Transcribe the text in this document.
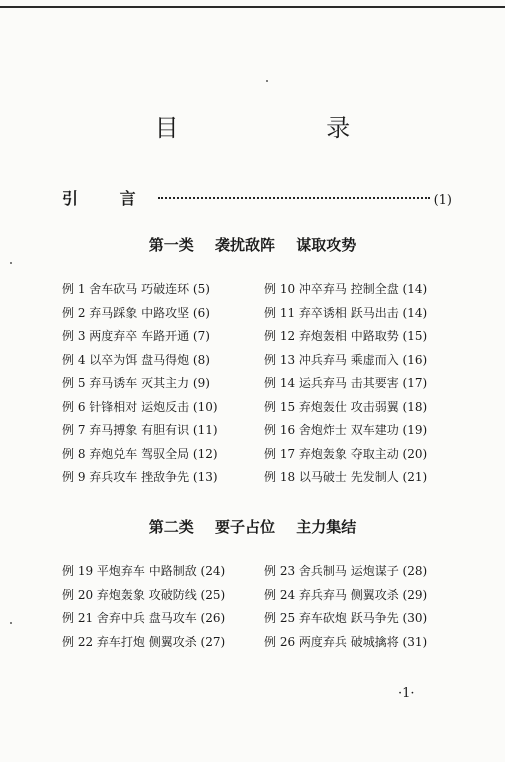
目 录
引 言	(1)
第一类 袭扰敌阵 谋取攻势
例 1 舍车砍马 巧破连环 (5)
例 2 弃马踩象 中路攻坚 (6)
例 3 两度弃卒 车路开通 (7)
例 4 以卒为饵 盘马得炮 (8)
例 5 弃马诱车 灭其主力 (9)
例 6 针锋相对 运炮反击 (10)
例 7 弃马搏象 有胆有识 (11)
例 8 弃炮兑车 驾驭全局 (12)
例 9 弃兵攻车 挫敌争先 (13)
例 10 冲卒弃马 控制全盘 (14)
例 11 弃卒诱相 跃马出击 (14)
例 12 弃炮轰相 中路取势 (15)
例 13 冲兵弃马 乘虚而入 (16)
例 14 运兵弃马 击其要害 (17)
例 15 弃炮轰仕 攻击弱翼 (18)
例 16 舍炮炸士 双车建功 (19)
例 17 弃炮轰象 夺取主动 (20)
例 18 以马破士 先发制人 (21)
第二类 要子占位 主力集结
例 19 平炮弃车 中路制敌 (24)
例 20 弃炮轰象 攻破防线 (25)
例 21 舍弃中兵 盘马攻车 (26)
例 22 弃车打炮 侧翼攻杀 (27)
例 23 舍兵制马 运炮谋子 (28)
例 24 弃兵弃马 侧翼攻杀 (29)
例 25 弃车砍炮 跃马争先 (30)
例 26 两度弃兵 破城擒将 (31)
·1·
